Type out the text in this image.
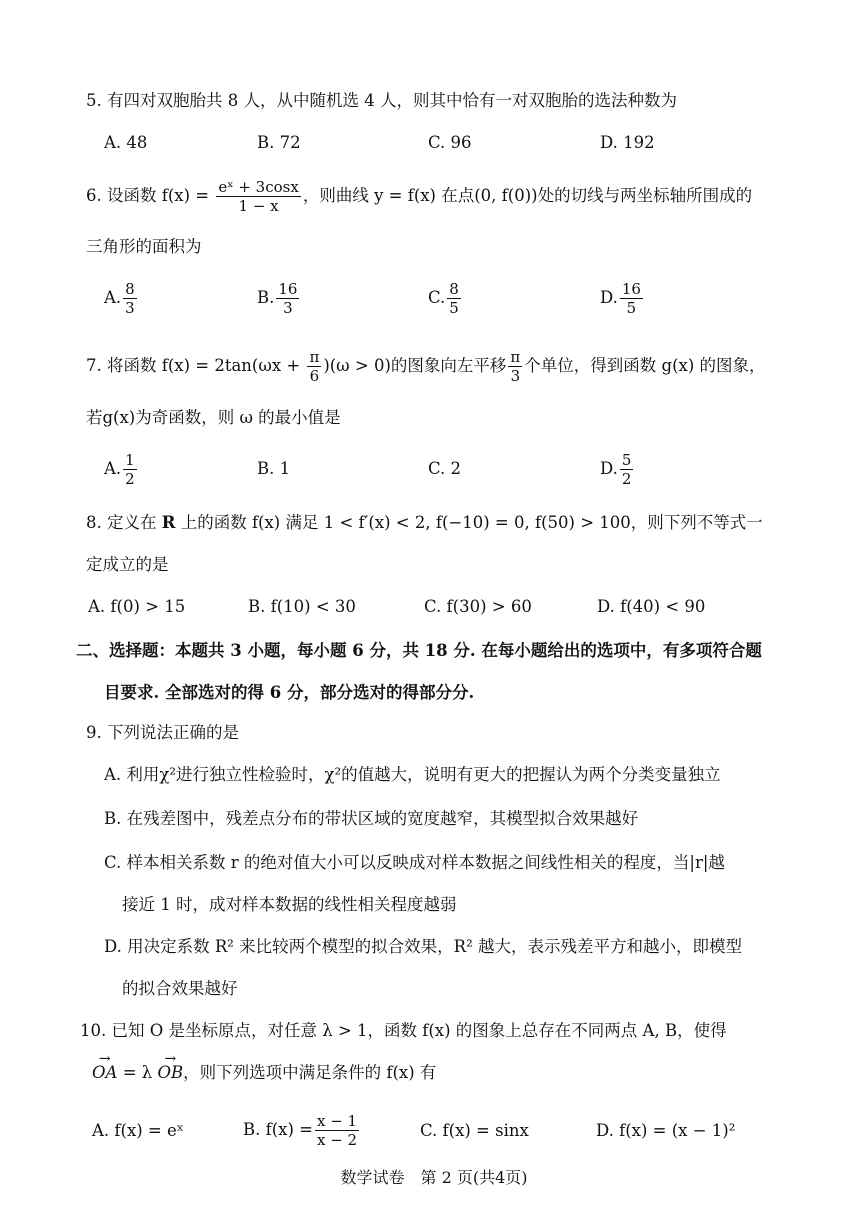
5. 有四对双胞胎共 8 人，从中随机选 4 人，则其中恰有一对双胞胎的选法种数为
A. 48	B. 72	C. 96	D. 192
6. 设函数 $f(x) = \frac{\text{eˣ + 3cosx}}{1 - x}$ ，则曲线 y = f(x) 在点(0, f(0))处的切线与两坐标轴所围成的
三角形的面积为
A. $\frac{8}{3}$	B. $\frac{16}{3}$	C. $\frac{8}{5}$	D. $\frac{16}{5}$
7. 将函数 $f(x) = 2\tan(\omega x + \frac{\pi}{6} )(\omega > 0)$的图象向左平移 $\frac{\pi}{3}$ 个单位，得到函数 g(x) 的图象，
若g(x)为奇函数，则 ω 的最小值是
A. $\frac{1}{2}$	B. 1	C. 2	D. $\frac{5}{2}$
8. 定义在 R 上的函数 f(x) 满足 1 < f′(x) < 2, f(−10) = 0, f(50) > 100，则下列不等式一
定成立的是
A. f(0) > 15	B. f(10) < 30	C. f(30) > 60	D. f(40) < 90
二、选择题：本题共 3 小题，每小题 6 分，共 18 分. 在每小题给出的选项中，有多项符合题
目要求. 全部选对的得 6 分，部分选对的得部分分.
9. 下列说法正确的是
A. 利用χ²进行独立性检验时，χ²的值越大，说明有更大的把握认为两个分类变量独立
B. 在残差图中，残差点分布的带状区域的宽度越窄，其模型拟合效果越好
C. 样本相关系数 r 的绝对值大小可以反映成对样本数据之间线性相关的程度，当|r|越
接近 1 时，成对样本数据的线性相关程度越弱
D. 用决定系数 R² 来比较两个模型的拟合效果，R² 越大，表示残差平方和越小，即模型
的拟合效果越好
10. 已知 O 是坐标原点，对任意 λ > 1，函数 f(x) 的图象上总存在不同两点 A, B，使得
→ OA = λ → OB，则下列选项中满足条件的 f(x) 有
A. f(x) = eˣ	B. $f(x) = \frac{x - 1}{x - 2}$	C. f(x) = sinx	D. f(x) = (x − 1)²
数学试卷　第 2 页(共4页)
